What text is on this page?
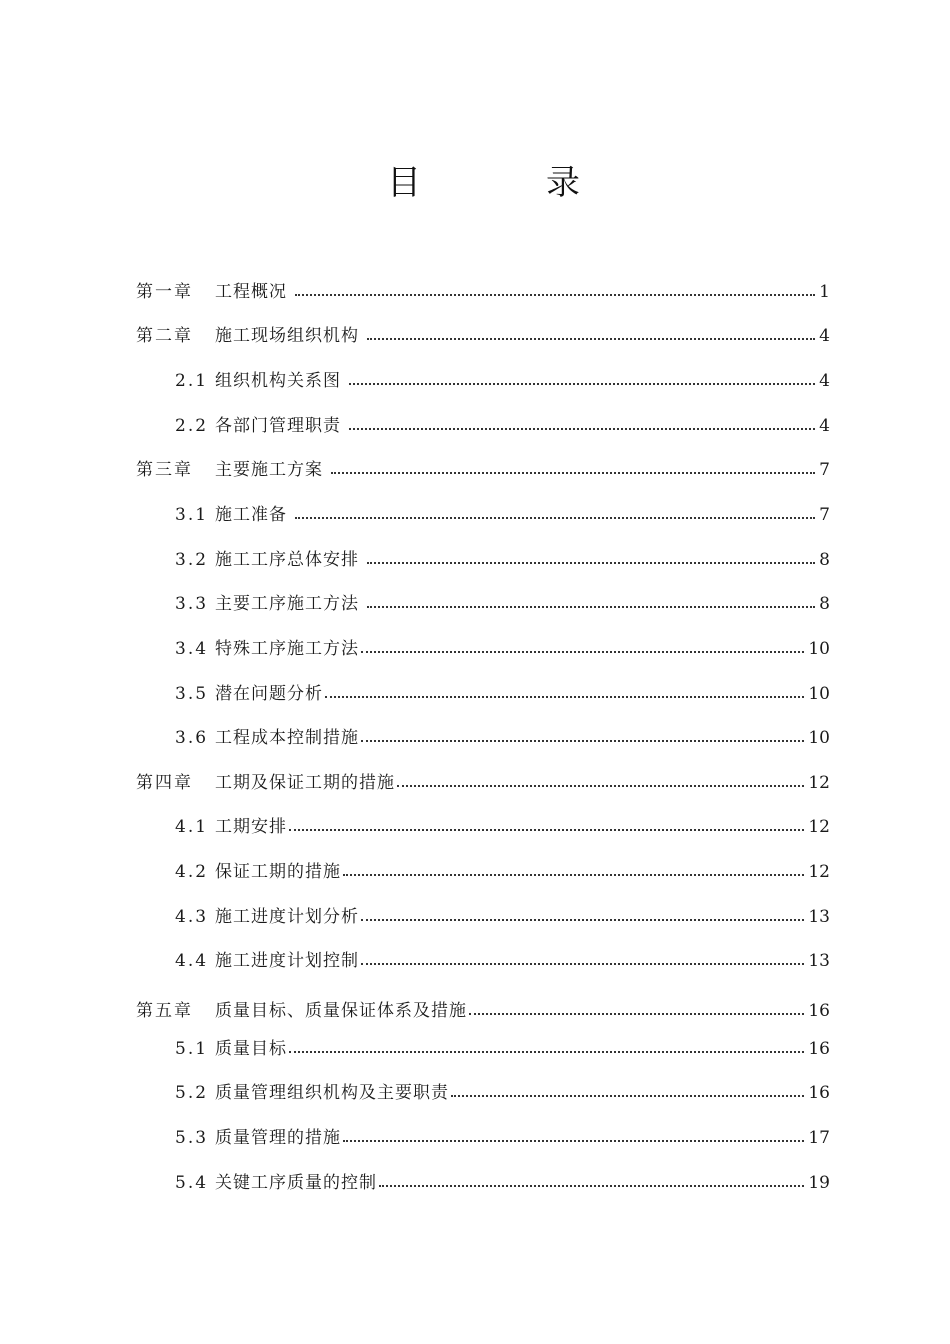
目	录
第一章	工程概况	1
第二章	施工现场组织机构	4
2.1 组织机构关系图	4
2.2 各部门管理职责	4
第三章	主要施工方案	7
3.1 施工准备	7
3.2 施工工序总体安排	8
3.3 主要工序施工方法	8
3.4 特殊工序施工方法	10
3.5 潜在问题分析	10
3.6 工程成本控制措施	10
第四章	工期及保证工期的措施	12
4.1 工期安排	12
4.2 保证工期的措施	12
4.3 施工进度计划分析	13
4.4 施工进度计划控制	13
第五章	质量目标、质量保证体系及措施	16
5.1 质量目标	16
5.2 质量管理组织机构及主要职责	16
5.3 质量管理的措施	17
5.4 关键工序质量的控制	19
